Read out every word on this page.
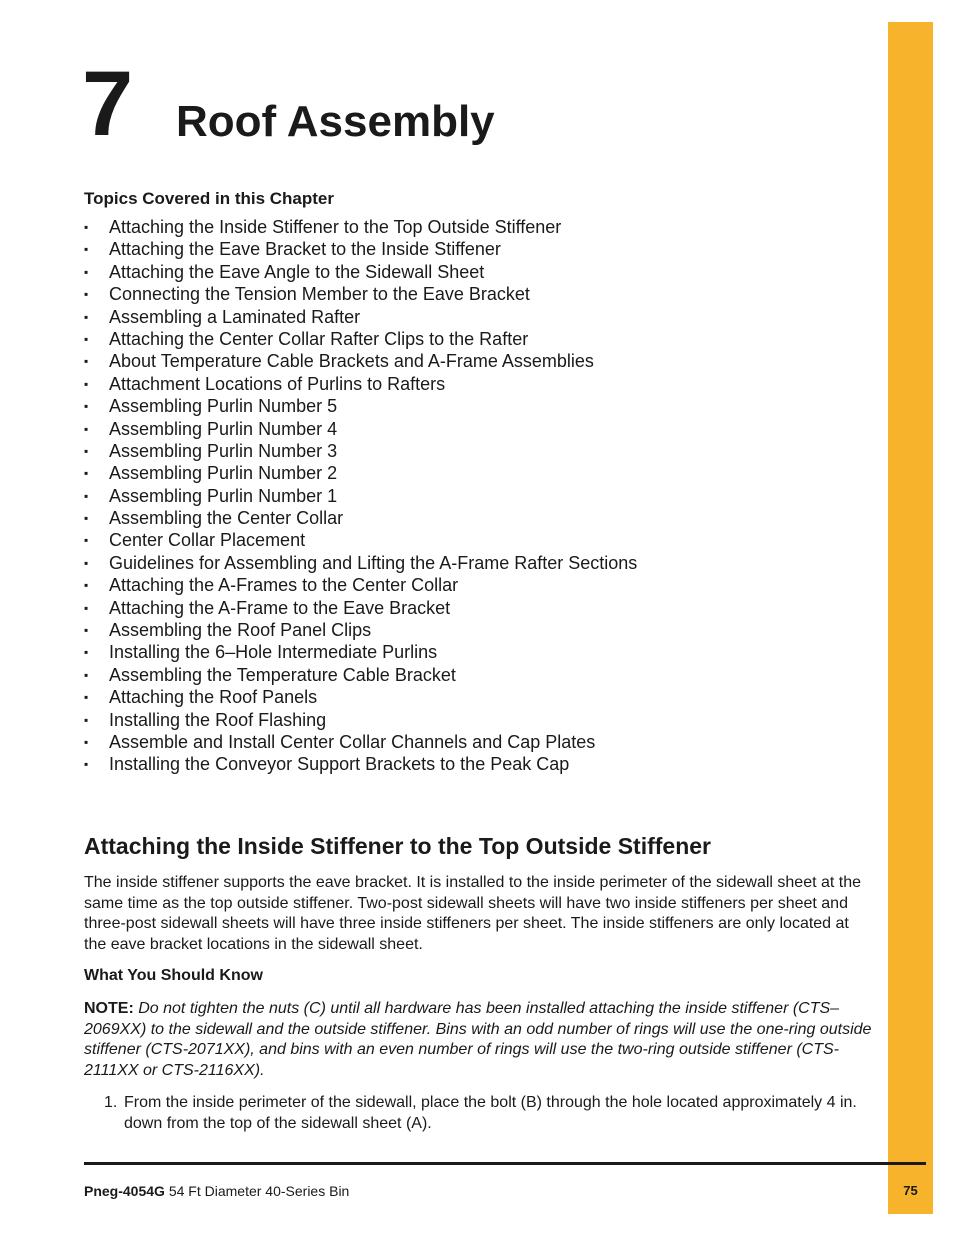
7 Roof Assembly
Topics Covered in this Chapter
▪ Attaching the Inside Stiffener to the Top Outside Stiffener
▪ Attaching the Eave Bracket to the Inside Stiffener
▪ Attaching the Eave Angle to the Sidewall Sheet
▪ Connecting the Tension Member to the Eave Bracket
▪ Assembling a Laminated Rafter
▪ Attaching the Center Collar Rafter Clips to the Rafter
▪ About Temperature Cable Brackets and A-Frame Assemblies
▪ Attachment Locations of Purlins to Rafters
▪ Assembling Purlin Number 5
▪ Assembling Purlin Number 4
▪ Assembling Purlin Number 3
▪ Assembling Purlin Number 2
▪ Assembling Purlin Number 1
▪ Assembling the Center Collar
▪ Center Collar Placement
▪ Guidelines for Assembling and Lifting the A-Frame Rafter Sections
▪ Attaching the A-Frames to the Center Collar
▪ Attaching the A-Frame to the Eave Bracket
▪ Assembling the Roof Panel Clips
▪ Installing the 6–Hole Intermediate Purlins
▪ Assembling the Temperature Cable Bracket
▪ Attaching the Roof Panels
▪ Installing the Roof Flashing
▪ Assemble and Install Center Collar Channels and Cap Plates
▪ Installing the Conveyor Support Brackets to the Peak Cap
Attaching the Inside Stiffener to the Top Outside Stiffener

The inside stiffener supports the eave bracket. It is installed to the inside perimeter of the sidewall sheet at the same time as the top outside stiffener. Two-post sidewall sheets will have two inside stiffeners per sheet and three-post sidewall sheets will have three inside stiffeners per sheet. The inside stiffeners are only located at the eave bracket locations in the sidewall sheet.

What You Should Know

NOTE: Do not tighten the nuts (C) until all hardware has been installed attaching the inside stiffener (CTS–2069XX) to the sidewall and the outside stiffener. Bins with an odd number of rings will use the one-ring outside stiffener (CTS-2071XX), and bins with an even number of rings will use the two-ring outside stiffener (CTS-2111XX or CTS-2116XX).

1. From the inside perimeter of the sidewall, place the bolt (B) through the hole located approximately 4 in. down from the top of the sidewall sheet (A).
Pneg-4054G 54 Ft Diameter 40-Series Bin	75
